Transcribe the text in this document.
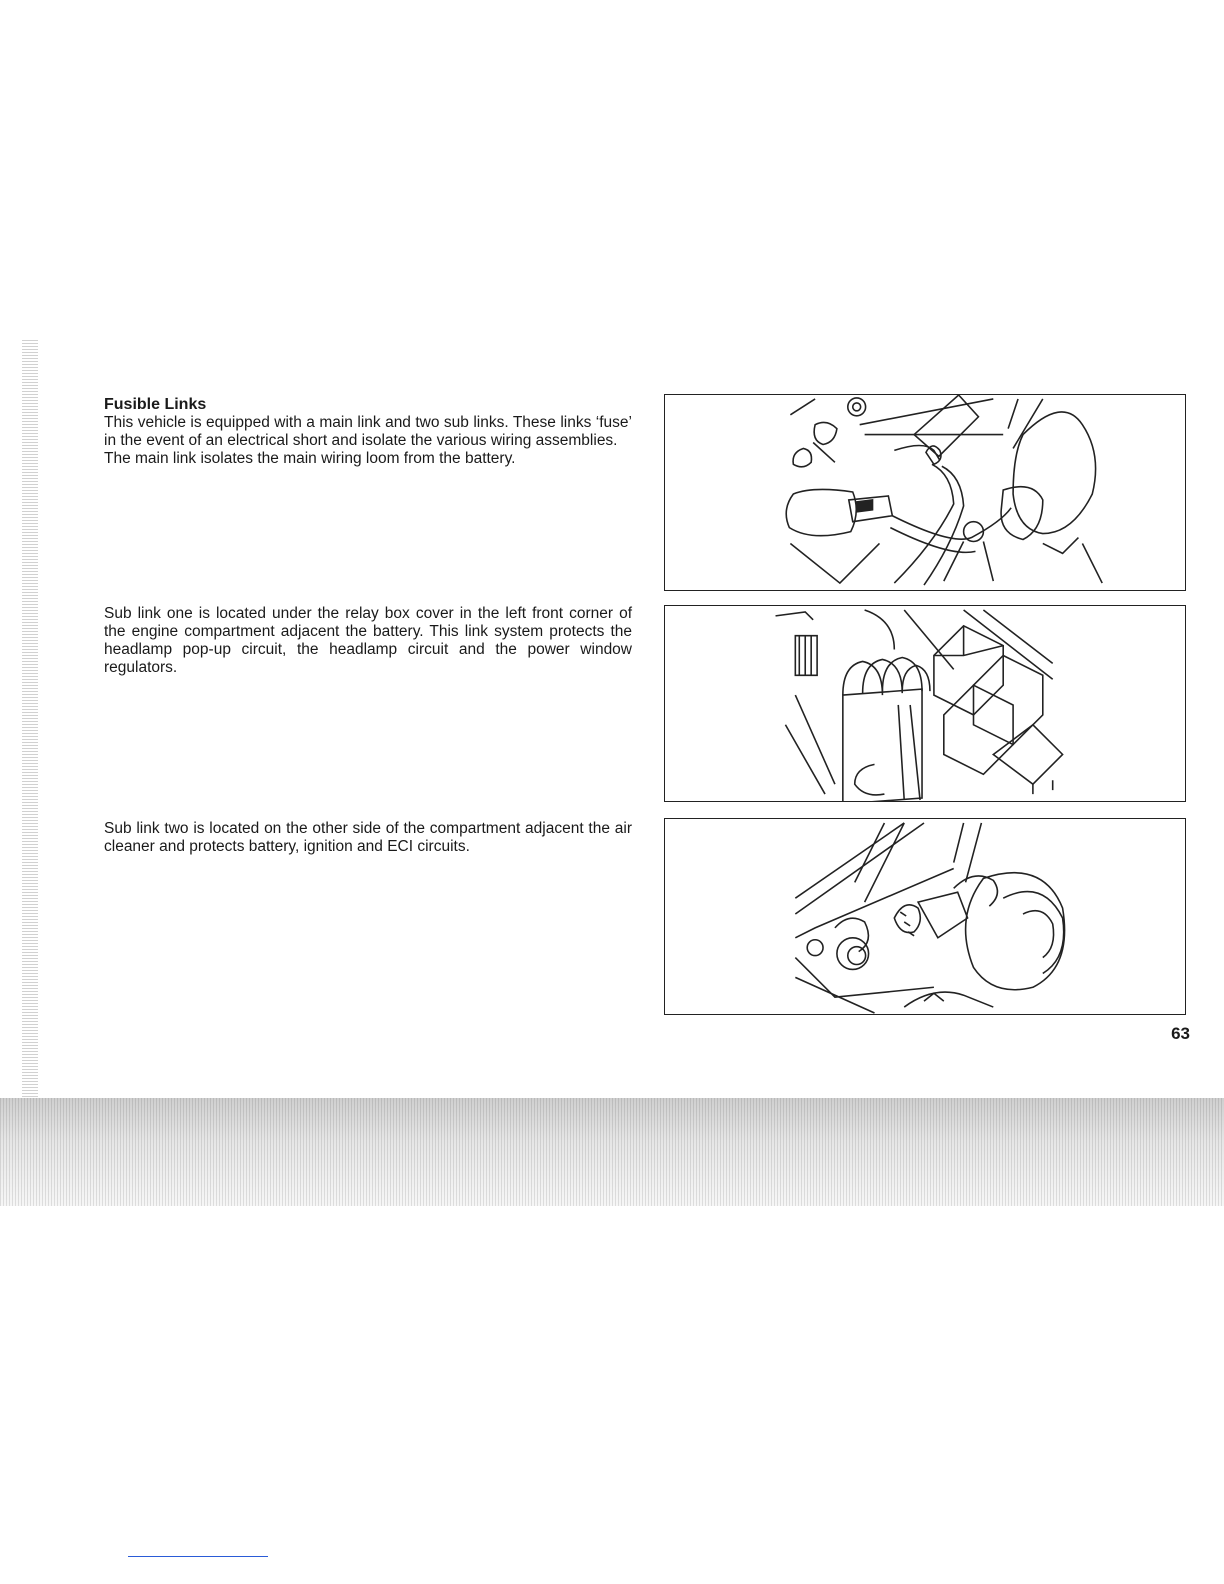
Fusible Links

This vehicle is equipped with a main link and two sub links. These links ‘fuse’ in the event of an electrical short and isolate the various wiring assemblies.

The main link isolates the main wiring loom from the battery.

Sub link one is located under the relay box cover in the left front corner of the engine compartment adjacent the battery. This link system protects the headlamp pop-up circuit, the headlamp circuit and the power window regulators.

Sub link two is located on the other side of the compartment adjacent the air cleaner and protects battery, ignition and ECI circuits.

63
